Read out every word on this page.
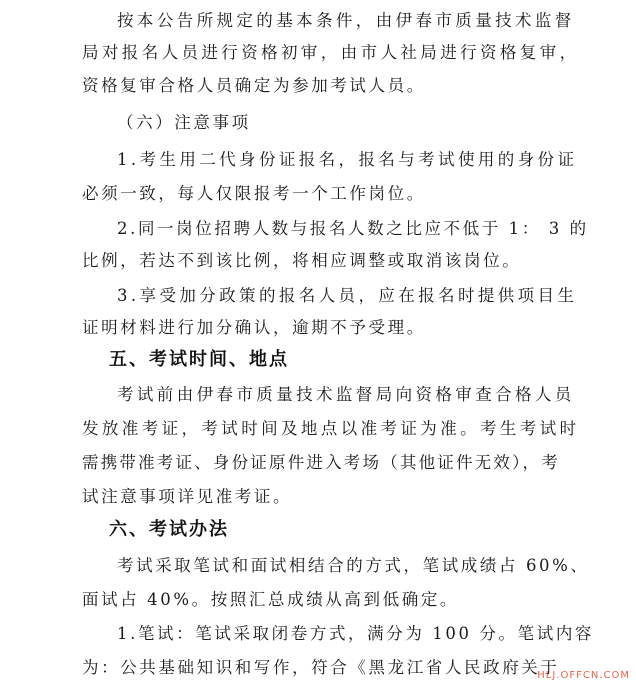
按本公告所规定的基本条件，由伊春市质量技术监督
局对报名人员进行资格初审，由市人社局进行资格复审，
资格复审合格人员确定为参加考试人员。
（六）注意事项
1.考生用二代身份证报名，报名与考试使用的身份证
必须一致，每人仅限报考一个工作岗位。
2.同一岗位招聘人数与报名人数之比应不低于 1： 3 的
比例，若达不到该比例，将相应调整或取消该岗位。
3.享受加分政策的报名人员，应在报名时提供项目生
证明材料进行加分确认，逾期不予受理。
五、考试时间、地点
考试前由伊春市质量技术监督局向资格审查合格人员
发放准考证，考试时间及地点以准考证为准。考生考试时
需携带准考证、身份证原件进入考场（其他证件无效），考
试注意事项详见准考证。
六、考试办法
考试采取笔试和面试相结合的方式，笔试成绩占 60%、
面试占 40%。按照汇总成绩从高到低确定。
1.笔试：笔试采取闭卷方式，满分为 100 分。笔试内容
为：公共基础知识和写作，符合《黑龙江省人民政府关于
HLJ.OFFCN.COM
